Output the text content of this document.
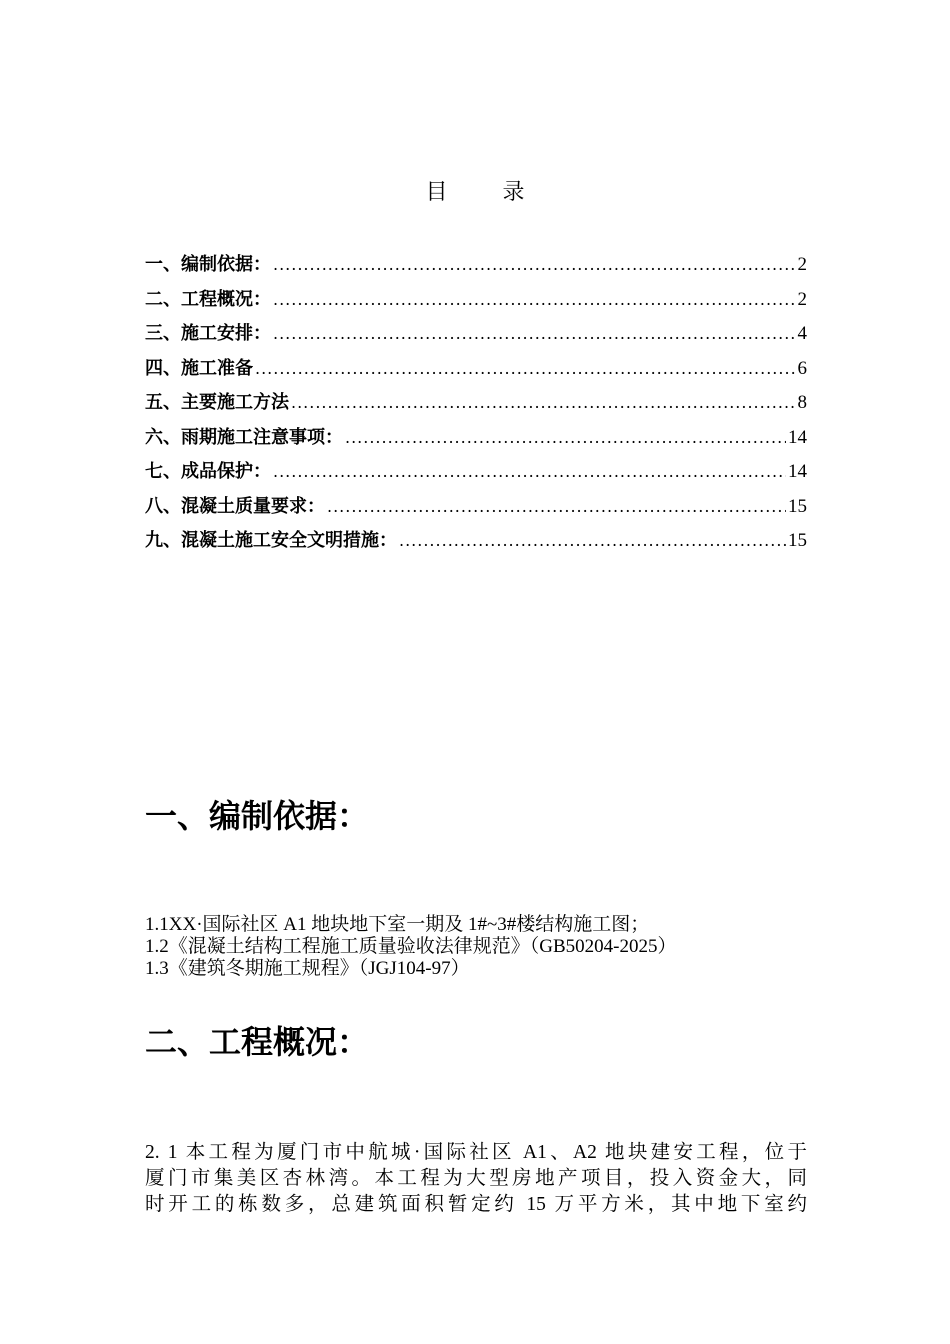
目 录
一、编制依据： .....	2
二、工程概况： .....	2
三、施工安排： .....	4
四、施工准备 .....	6
五、主要施工方法 .....	8
六、雨期施工注意事项： .....	14
七、成品保护： .....	14
八、混凝土质量要求： .....	15
九、混凝土施工安全文明措施： .....	15
一、编制依据：

1.1XX·国际社区 A1 地块地下室一期及 1#~3#楼结构施工图；

1.2《混凝土结构工程施工质量验收法律规范》（GB50204-2025）

1.3《建筑冬期施工规程》（JGJ104-97）

二、工程概况：
2. 1 本工程为厦门市中航城·国际社区 A1、A2 地块建安工程，位于
厦门市集美区杏林湾。本工程为大型房地产项目，投入资金大，同
时开工的栋数多，总建筑面积暂定约 15 万平方米，其中地下室约
